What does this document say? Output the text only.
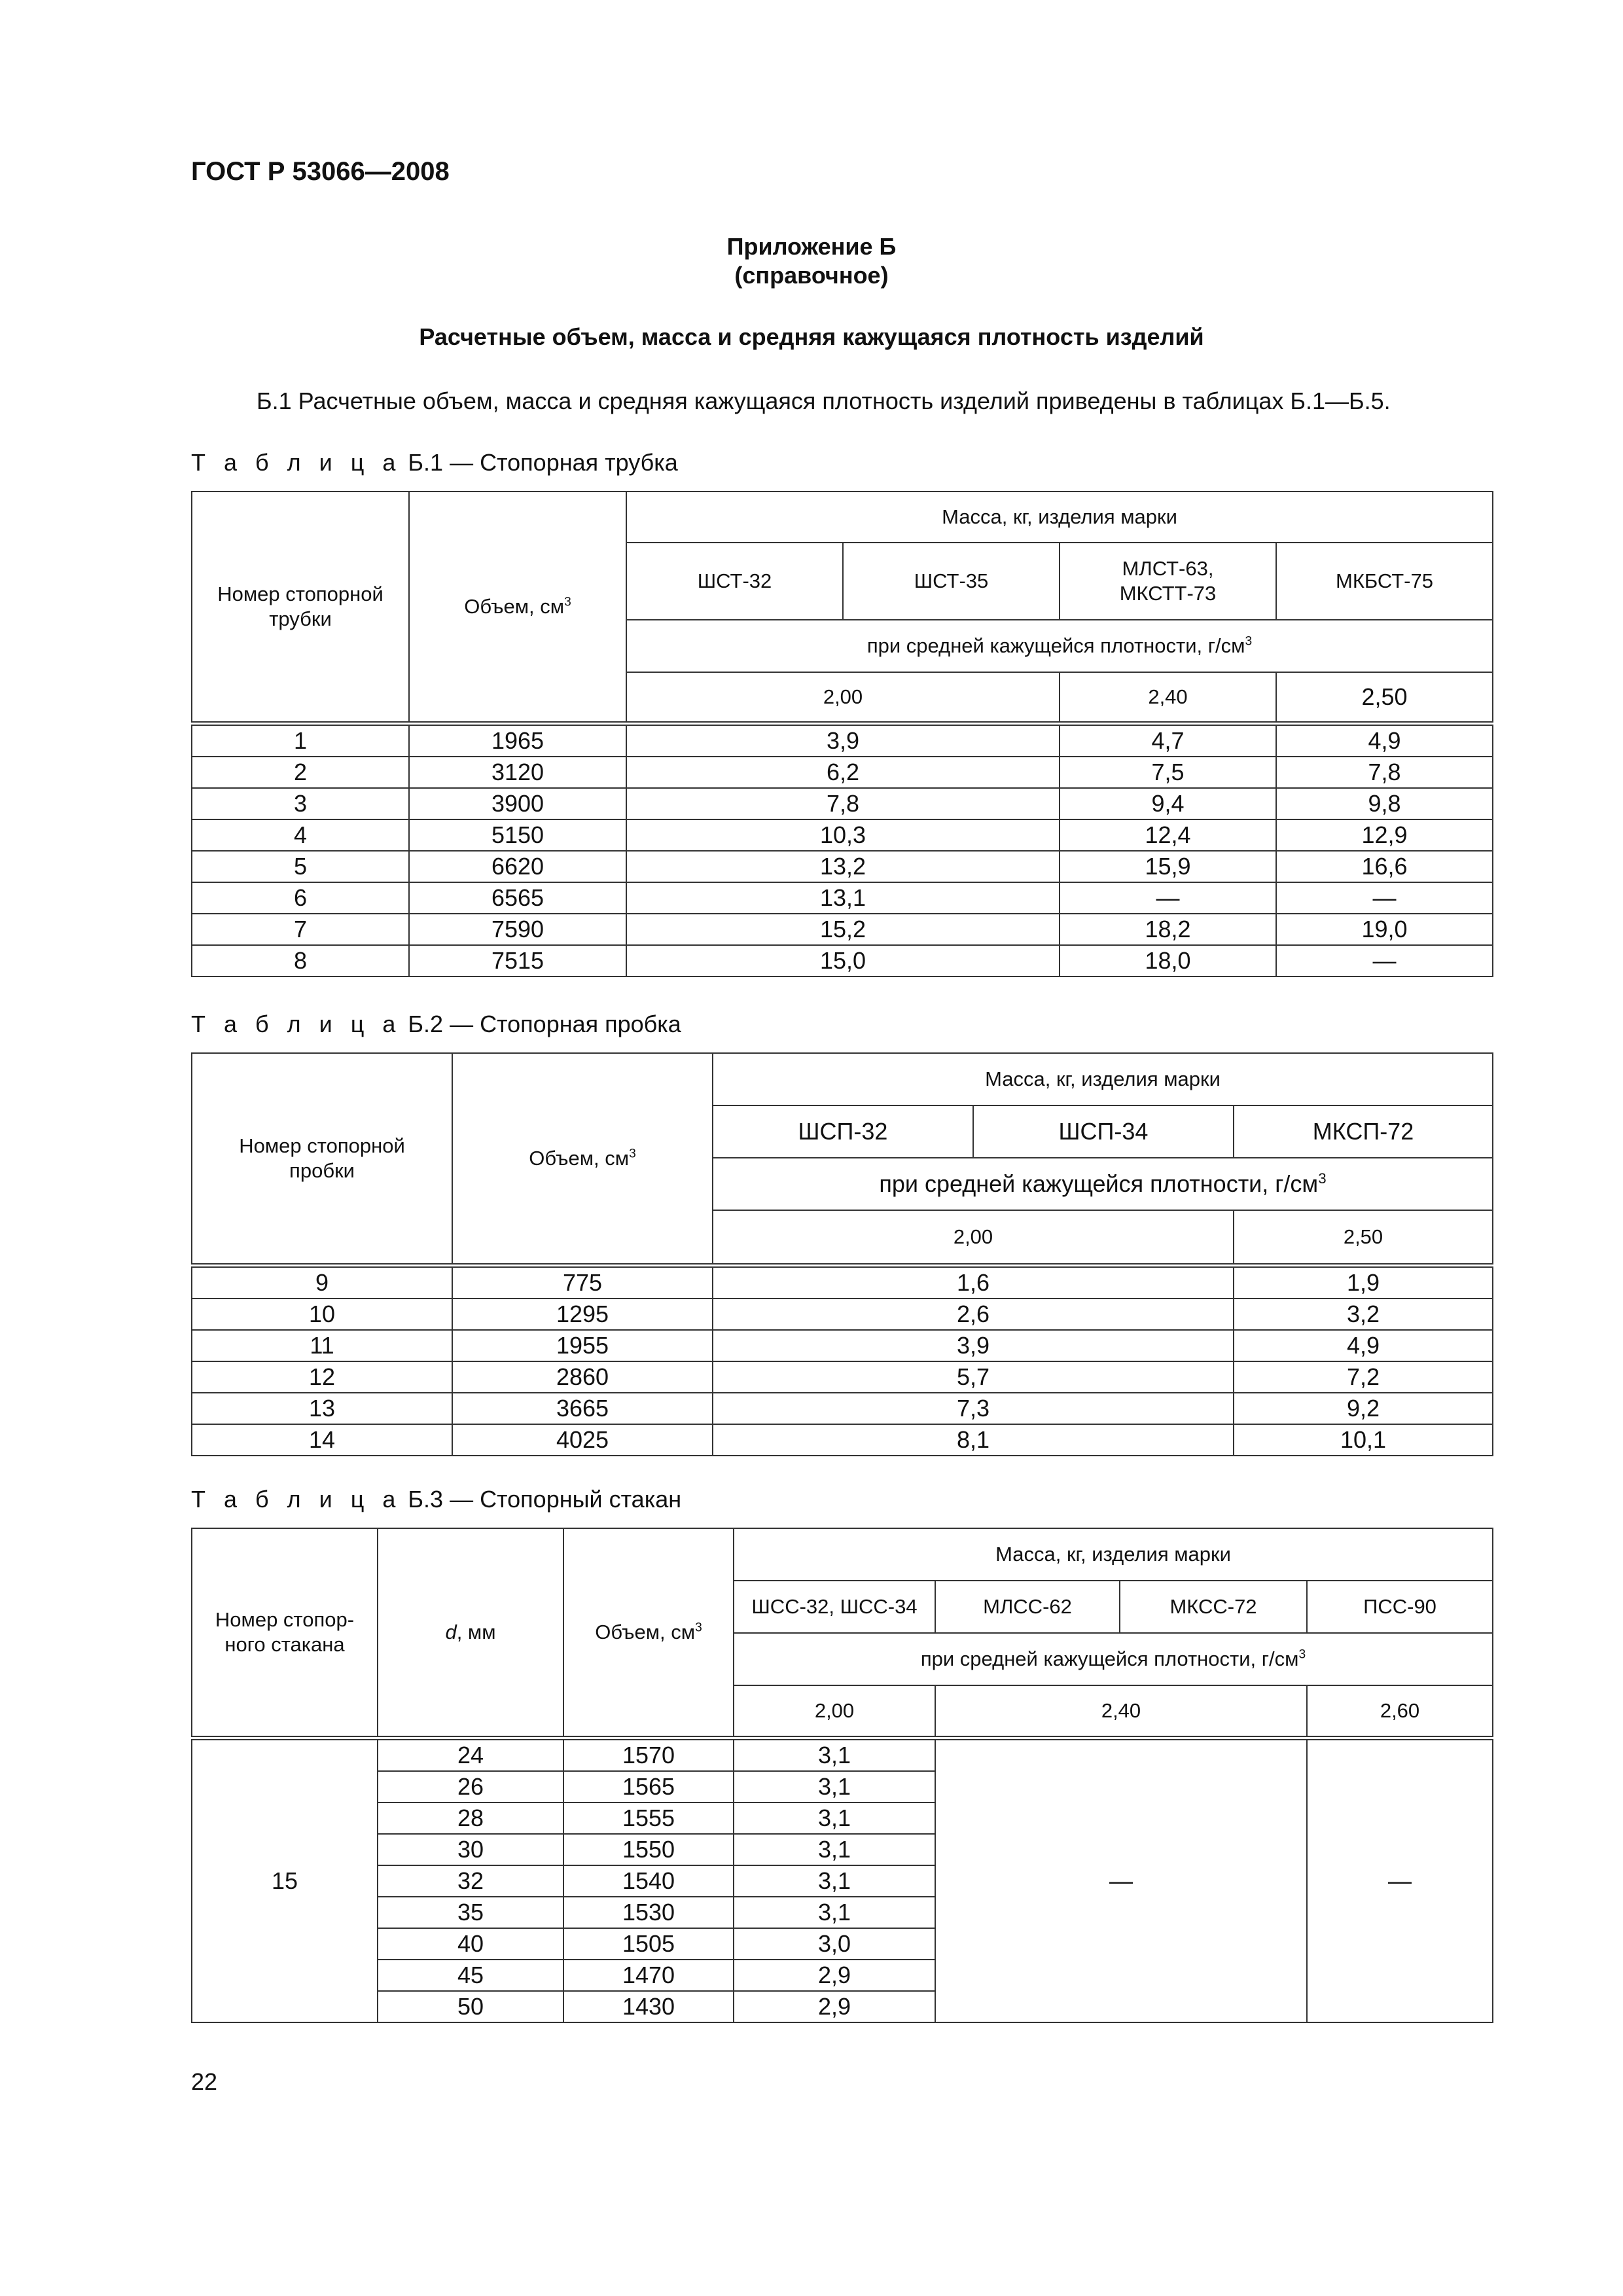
ГОСТ Р 53066—2008
Приложение Б
(справочное)
Расчетные объем, масса и средняя кажущаяся плотность изделий
Б.1 Расчетные объем, масса и средняя кажущаяся плотность изделий приведены в таблицах Б.1—Б.5.
Т а б л и ц а Б.1 — Стопорная трубка
Номер стопорной трубки	Объем, $см^3$	Масса, кг, изделия марки			
		ШСТ-32	ШСТ-35	МЛСТ-63, МКСТТ-73	МКБСТ-75
		при средней кажущейся плотности, $г/см^3$
		2,00		2,40	2,50
1	1965	3,9		4,7	4,9
2	3120	6,2		7,5	7,8
3	3900	7,8		9,4	9,8
4	5150	10,3		12,4	12,9
5	6620	13,2		15,9	16,6
6	6565	13,1		—	—
7	7590	15,2		18,2	19,0
8	7515	15,0		18,0	—
Т а б л и ц а Б.2 — Стопорная пробка
Номер стопорной пробки	Объем, $см^3$	Масса, кг, изделия марки		
		ШСП-32	ШСП-34	МКСП-72
		при средней кажущейся плотности, $г/см^3$
		2,00		2,50
9	775	1,6		1,9
10	1295	2,6		3,2
11	1955	3,9		4,9
12	2860	5,7		7,2
13	3665	7,3		9,2
14	4025	8,1		10,1
Т а б л и ц а Б.3 — Стопорный стакан
Номер стопор-ного стакана	d, мм	Объем, $см^3$	Масса, кг, изделия марки			
			ШСС-32, ШСС-34	МЛСС-62	МКСС-72	ПСС-90
			при средней кажущейся плотности, $г/см^3$
			2,00	2,40		2,60
15	24	1570	3,1	—		—
	26	1565	3,1			
	28	1555	3,1			
	30	1550	3,1			
	32	1540	3,1			
	35	1530	3,1			
	40	1505	3,0			
	45	1470	2,9			
	50	1430	2,9			
22
